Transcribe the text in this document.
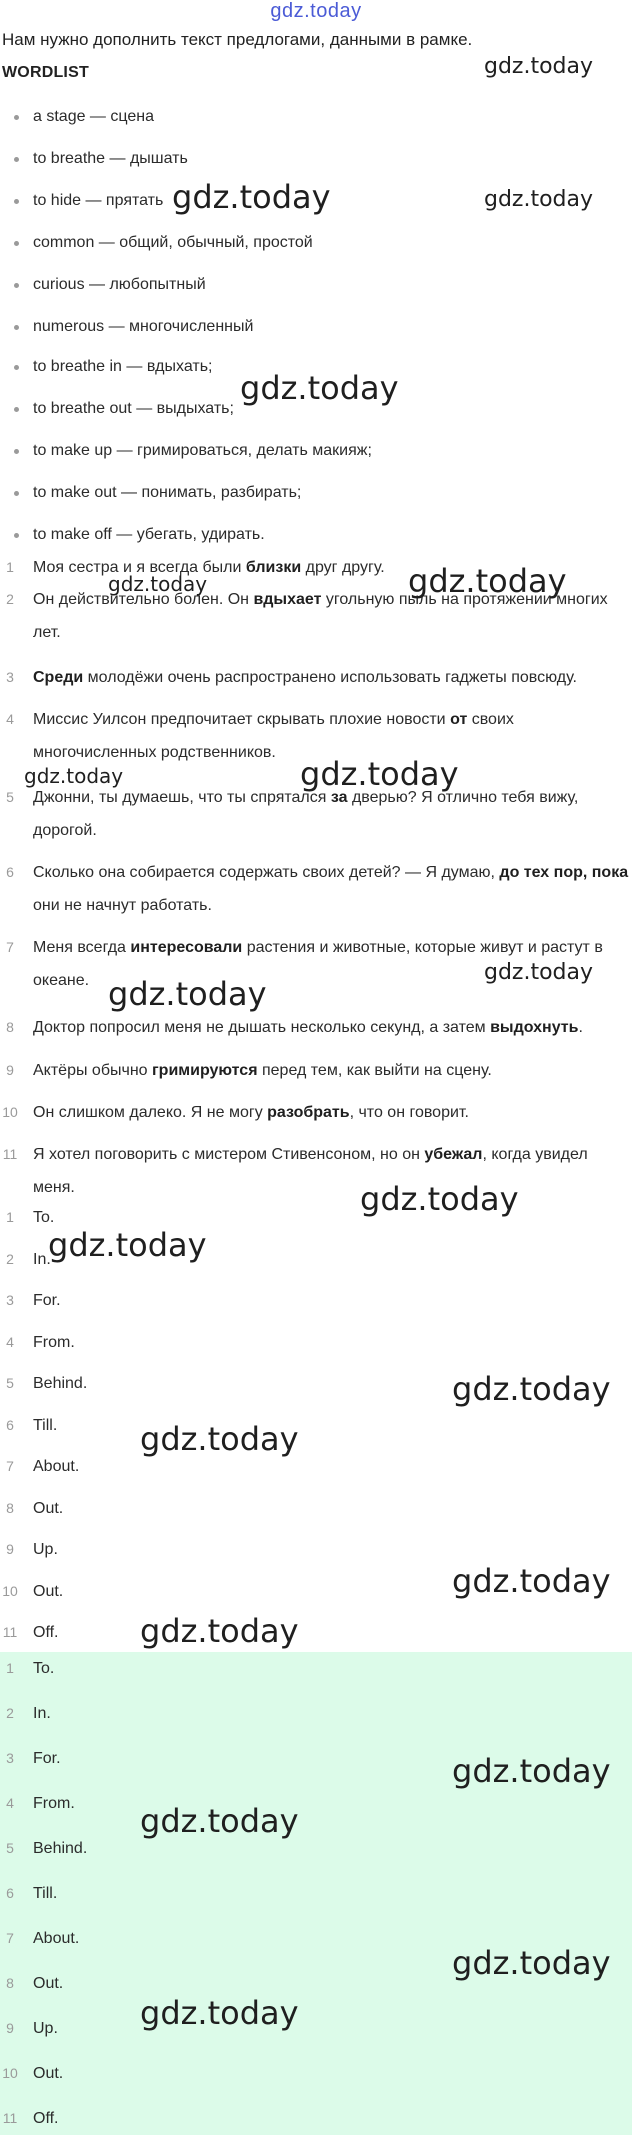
gdz.today
Нам нужно дополнить текст предлогами, данными в рамке.
WORDLIST
a stage — сцена
to breathe — дышать
to hide — прятать
common — общий, обычный, простой
curious — любопытный
numerous — многочисленный
to breathe in — вдыхать;
to breathe out — выдыхать;
to make up — гримироваться, делать макияж;
to make out — понимать, разбирать;
to make off — убегать, удирать.
1	Моя сестра и я всегда были близки друг другу.
2	Он действительно болен. Он вдыхает угольную пыль на протяжении многих лет.
3	Среди молодёжи очень распространено использовать гаджеты повсюду.
4	Миссис Уилсон предпочитает скрывать плохие новости от своих многочисленных родственников.
5	Джонни, ты думаешь, что ты спрятался за дверью? Я отлично тебя вижу, дорогой.
6	Сколько она собирается содержать своих детей? — Я думаю, до тех пор, пока они не начнут работать.
7	Меня всегда интересовали растения и животные, которые живут и растут в океане.
8	Доктор попросил меня не дышать несколько секунд, а затем выдохнуть.
9	Актёры обычно гримируются перед тем, как выйти на сцену.
10 Он слишком далеко. Я не могу разобрать, что он говорит.
11 Я хотел поговорить с мистером Стивенсоном, но он убежал, когда увидел меня.
1	To.
2	In.
3	For.
4	From.
5	Behind.
6	Till.
7	About.
8	Out.
9	Up.
10 Out.
11 Off.
1	To.
2	In.
3	For.
4	From.
5	Behind.
6	Till.
7	About.
8	Out.
9	Up.
10 Out.
11 Off.
gdz.today
gdz.today	gdz.today
gdz.today
gdz.today
gdz.today
gdz.today
gdz.today
gdz.today
gdz.today
gdz.today
gdz.today
gdz.today
gdz.today
gdz.today
gdz.today
gdz.today
gdz.today
gdz.today
gdz.today
